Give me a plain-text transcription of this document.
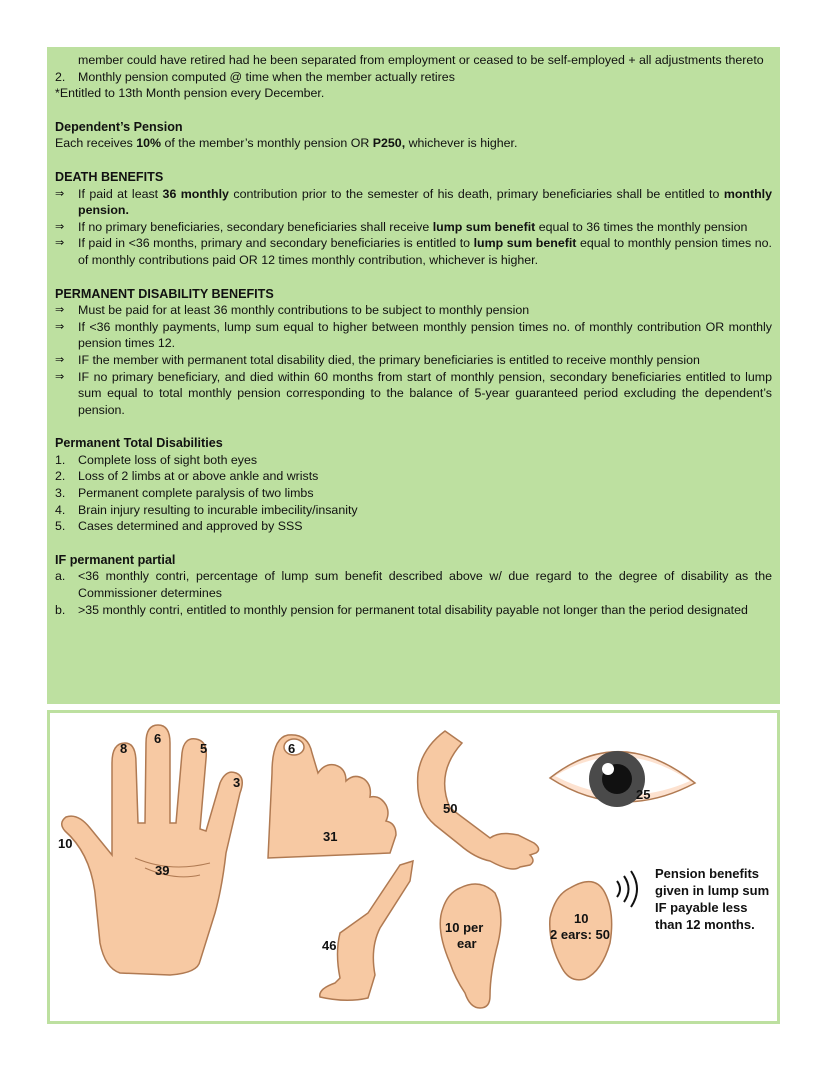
member could have retired had he been separated from employment or ceased to be self-employed + all adjustments thereto
2.	Monthly pension computed @ time when the member actually retires
*Entitled to 13th Month pension every December.
Dependent’s Pension
Each receives 10% of the member’s monthly pension OR P250, whichever is higher.
DEATH BENEFITS
⇒	If paid at least 36 monthly contribution prior to the semester of his death, primary beneficiaries shall be entitled to monthly pension.
⇒	If no primary beneficiaries, secondary beneficiaries shall receive lump sum benefit equal to 36 times the monthly pension
⇒	If paid in <36 months, primary and secondary beneficiaries is entitled to lump sum benefit equal to monthly pension times no. of monthly contributions paid OR 12 times monthly contribution, whichever is higher.
PERMANENT DISABILITY BENEFITS
⇒	Must be paid for at least 36 monthly contributions to be subject to monthly pension
⇒	If <36 monthly payments, lump sum equal to higher between monthly pension times no. of monthly contribution OR monthly pension times 12.
⇒	IF the member with permanent total disability died, the primary beneficiaries is entitled to receive monthly pension
⇒	IF no primary beneficiary, and died within 60 months from start of monthly pension, secondary beneficiaries entitled to lump sum equal to total monthly pension corresponding to the balance of 5-year guaranteed period excluding the dependent’s pension.
Permanent Total Disabilities
1.	Complete loss of sight both eyes
2.	Loss of 2 limbs at or above ankle and wrists
3.	Permanent complete paralysis of two limbs
4.	Brain injury resulting to incurable imbecility/insanity
5.	Cases determined and approved by SSS
IF permanent partial
a.	<36 monthly contri, percentage of lump sum benefit described above w/ due regard to the degree of disability as the Commissioner determines
b.	>35 monthly contri, entitled to monthly pension for permanent total disability payable not longer than the period designated
8
6
5
3
10
39
6
31
50
25
46
10 per
ear
10
2 ears: 50
Pension benefits given in lump sum IF payable less than 12 months.
